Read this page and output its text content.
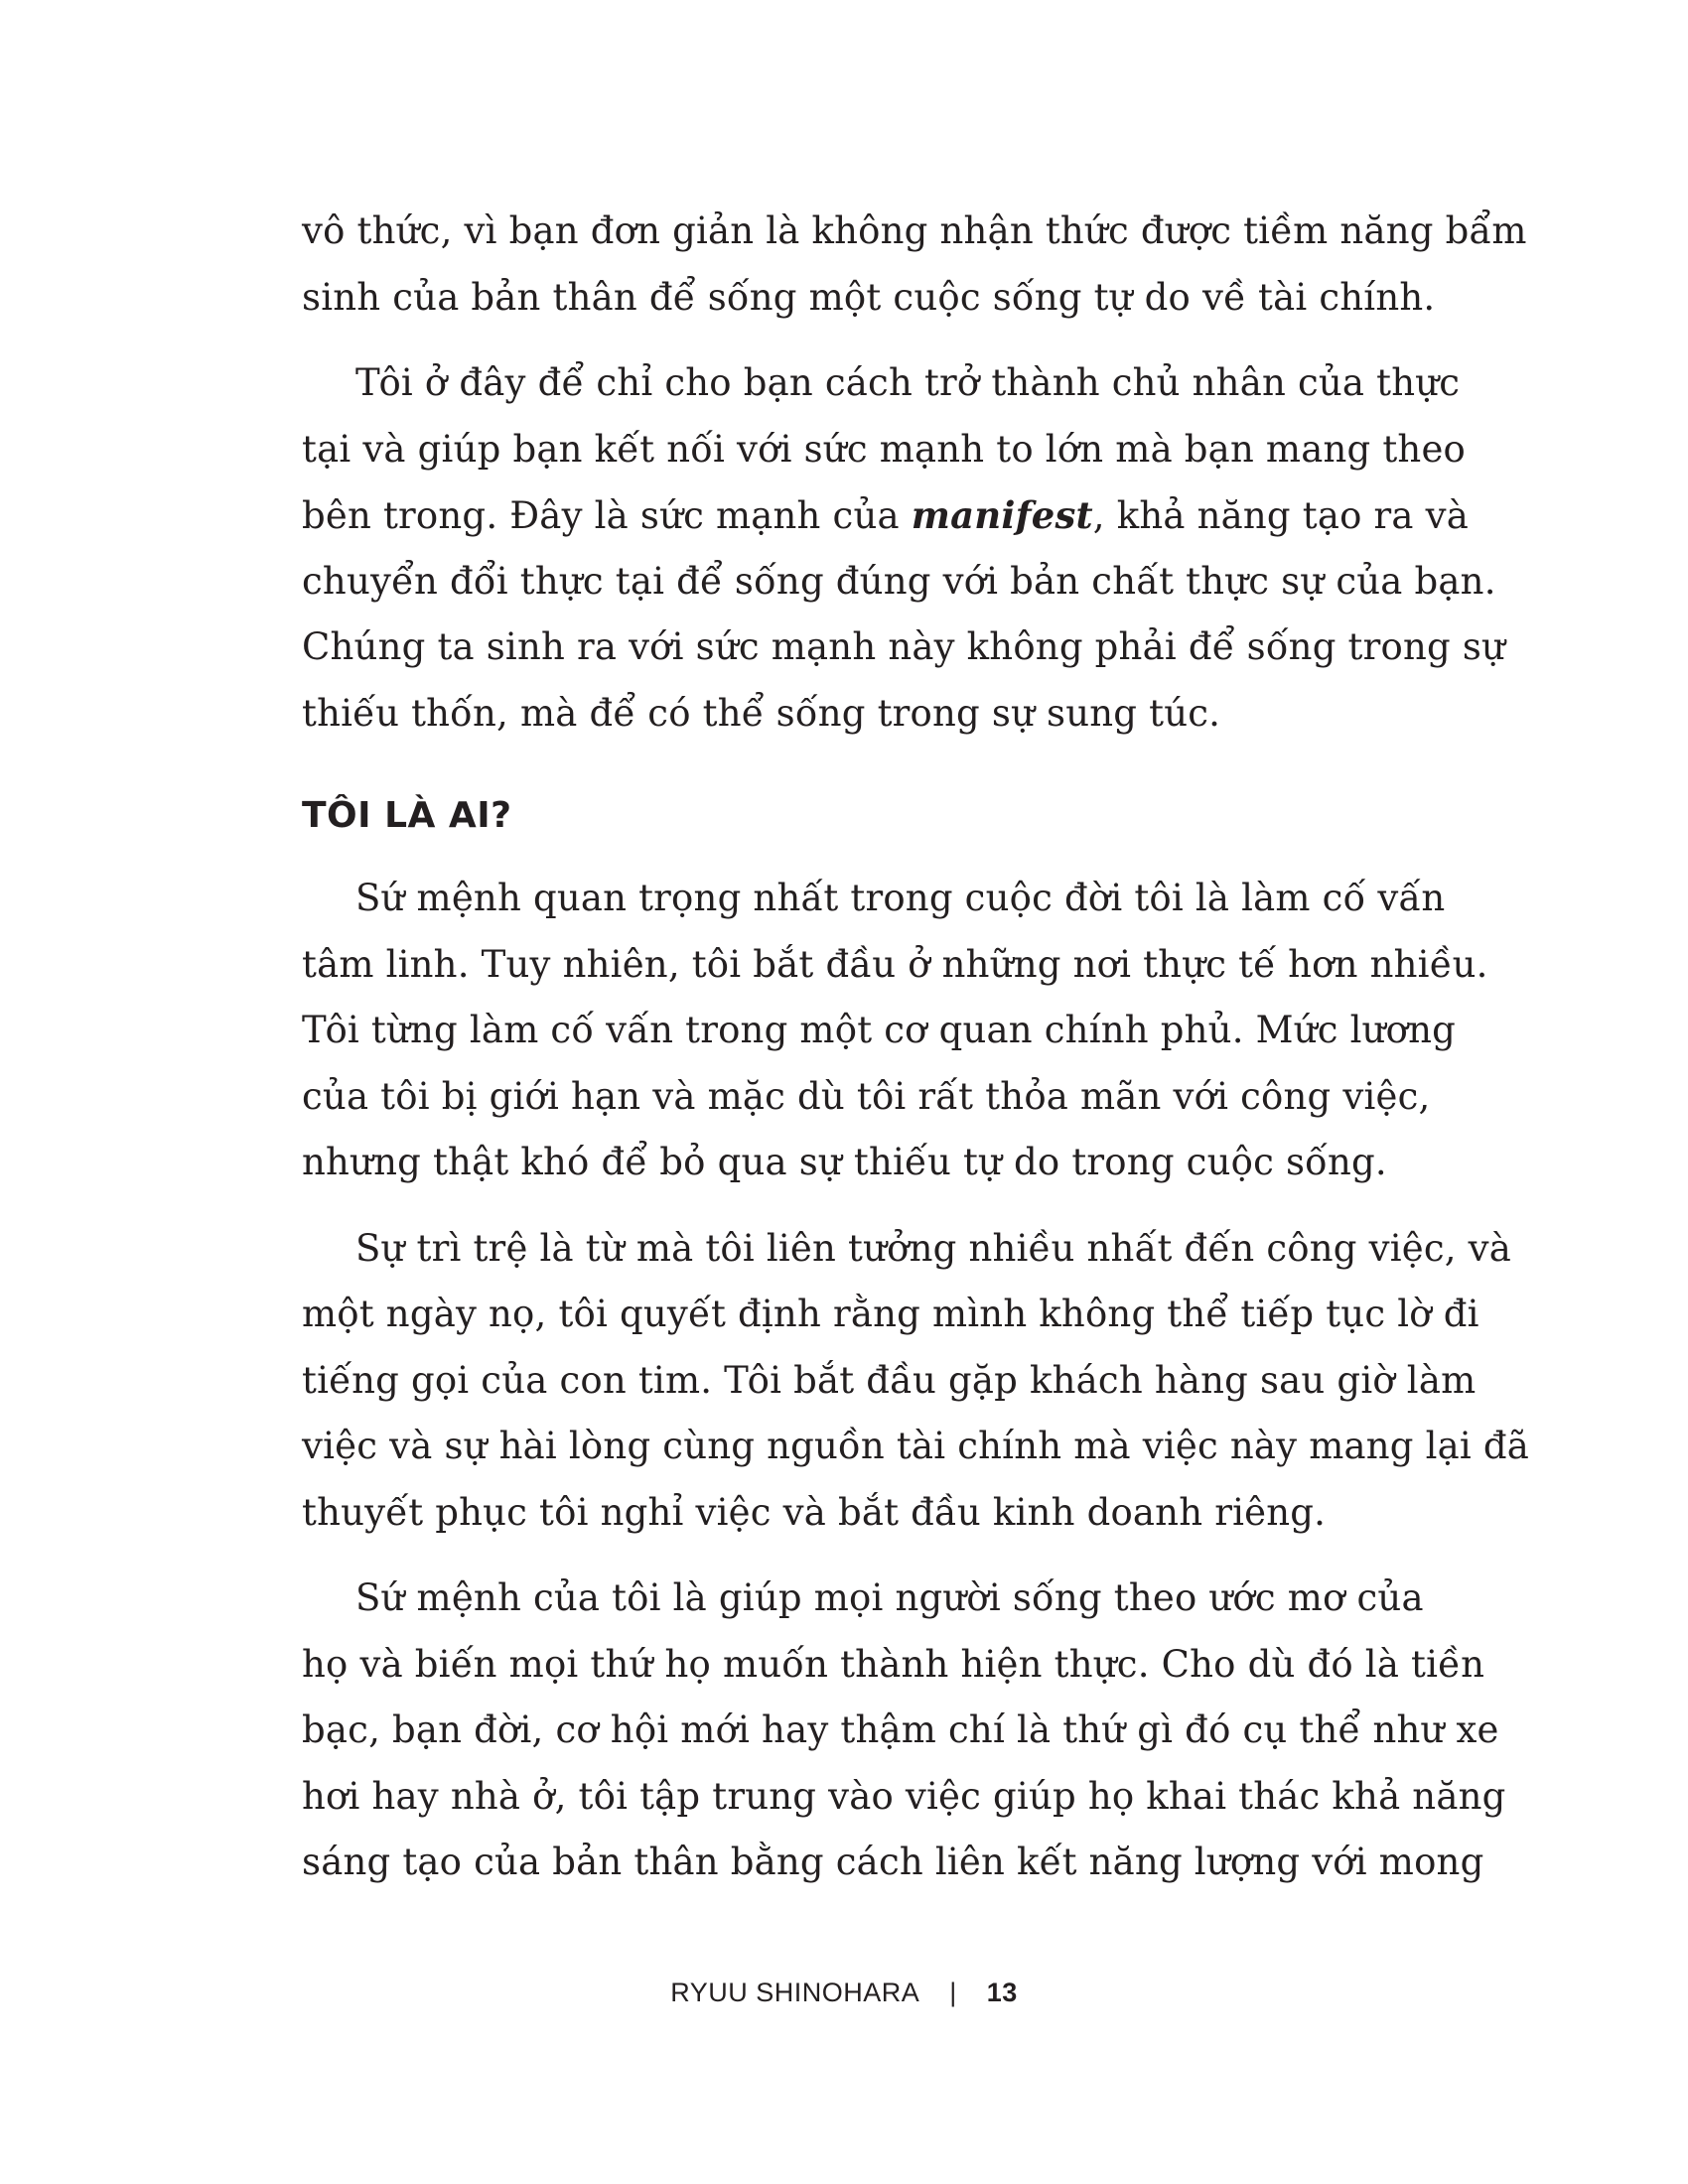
vô thức, vì bạn đơn giản là không nhận thức được tiềm năng bẩm
sinh của bản thân để sống một cuộc sống tự do về tài chính.
Tôi ở đây để chỉ cho bạn cách trở thành chủ nhân của thực
tại và giúp bạn kết nối với sức mạnh to lớn mà bạn mang theo
bên trong. Đây là sức mạnh của manifest, khả năng tạo ra và
chuyển đổi thực tại để sống đúng với bản chất thực sự của bạn.
Chúng ta sinh ra với sức mạnh này không phải để sống trong sự
thiếu thốn, mà để có thể sống trong sự sung túc.
TÔI LÀ AI?
Sứ mệnh quan trọng nhất trong cuộc đời tôi là làm cố vấn
tâm linh. Tuy nhiên, tôi bắt đầu ở những nơi thực tế hơn nhiều.
Tôi từng làm cố vấn trong một cơ quan chính phủ. Mức lương
của tôi bị giới hạn và mặc dù tôi rất thỏa mãn với công việc,
nhưng thật khó để bỏ qua sự thiếu tự do trong cuộc sống.
Sự trì trệ là từ mà tôi liên tưởng nhiều nhất đến công việc, và
một ngày nọ, tôi quyết định rằng mình không thể tiếp tục lờ đi
tiếng gọi của con tim. Tôi bắt đầu gặp khách hàng sau giờ làm
việc và sự hài lòng cùng nguồn tài chính mà việc này mang lại đã
thuyết phục tôi nghỉ việc và bắt đầu kinh doanh riêng.
Sứ mệnh của tôi là giúp mọi người sống theo ước mơ của
họ và biến mọi thứ họ muốn thành hiện thực. Cho dù đó là tiền
bạc, bạn đời, cơ hội mới hay thậm chí là thứ gì đó cụ thể như xe
hơi hay nhà ở, tôi tập trung vào việc giúp họ khai thác khả năng
sáng tạo của bản thân bằng cách liên kết năng lượng với mong
RYUU SHINOHARA | 13
